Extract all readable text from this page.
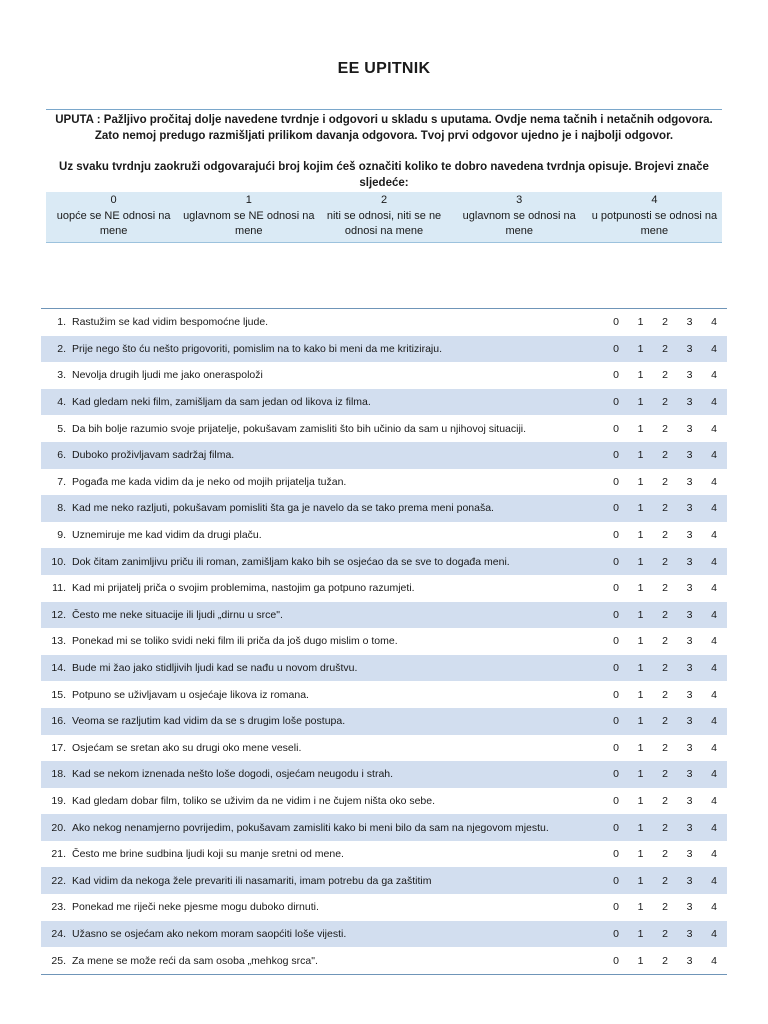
EE UPITNIK

UPUTA : Pažljivo pročitaj dolje navedene tvrdnje i odgovori u skladu s uputama. Ovdje nema tačnih i netačnih odgovora. Zato nemoj predugo razmišljati prilikom davanja odgovora. Tvoj prvi odgovor ujedno je i najbolji odgovor.

Uz svaku tvrdnju zaokruži odgovarajući broj kojim ćeš označiti koliko te dobro navedena tvrdnja opisuje. Brojevi znače sljedeće:

0
uopće se NE odnosi na mene
1
uglavnom se NE odnosi na mene
2
niti se odnosi, niti se ne odnosi na mene
3
uglavnom se odnosi na mene
4
u potpunosti se odnosi na mene
1. Rastužim se kad vidim bespomoćne ljude.	0	1	2	3	4
2. Prije nego što ću nešto prigovoriti, pomislim na to kako bi meni da me kritiziraju.	0	1	2	3	4
3. Nevolja drugih ljudi me jako oneraspoloži	0	1	2	3	4
4. Kad gledam neki film, zamišljam da sam jedan od likova iz filma.	0	1	2	3	4
5. Da bih bolje razumio svoje prijatelje, pokušavam zamisliti što bih učinio da sam u njihovoj situaciji.	0	1	2	3	4
6. Duboko proživljavam sadržaj filma.	0	1	2	3	4
7. Pogađa me kada vidim da je neko od mojih prijatelja tužan.	0	1	2	3	4
8. Kad me neko razljuti, pokušavam pomisliti šta ga je navelo da se tako prema meni ponaša.	0	1	2	3	4
9. Uznemiruje me kad vidim da drugi plaču.	0	1	2	3	4
10. Dok čitam zanimljivu priču ili roman, zamišljam kako bih se osjećao da se sve to događa meni.	0	1	2	3	4
11. Kad mi prijatelj priča o svojim problemima, nastojim ga potpuno razumjeti.	0	1	2	3	4
12. Često me neke situacije ili ljudi „dirnu u srce".	0	1	2	3	4
13. Ponekad mi se toliko svidi neki film ili priča da još dugo mislim o tome.	0	1	2	3	4
14. Bude mi žao jako stidljivih ljudi kad se nađu u novom društvu.	0	1	2	3	4
15. Potpuno se uživljavam u osjećaje likova iz romana.	0	1	2	3	4
16. Veoma se razljutim kad vidim da se s drugim loše postupa.	0	1	2	3	4
17. Osjećam se sretan ako su drugi oko mene veseli.	0	1	2	3	4
18. Kad se nekom iznenada nešto loše dogodi, osjećam neugodu i strah.	0	1	2	3	4
19. Kad gledam dobar film, toliko se uživim da ne vidim i ne čujem ništa oko sebe.	0	1	2	3	4
20. Ako nekog nenamjerno povrijedim, pokušavam zamisliti kako bi meni bilo da sam na njegovom mjestu.	0	1	2	3	4
21. Često me brine sudbina ljudi koji su manje sretni od mene.	0	1	2	3	4
22. Kad vidim da nekoga žele prevariti ili nasamariti, imam potrebu da ga zaštitim	0	1	2	3	4
23. Ponekad me riječi neke pjesme mogu duboko dirnuti.	0	1	2	3	4
24. Užasno se osjećam ako nekom moram saopćiti loše vijesti.	0	1	2	3	4
25. Za mene se može reći da sam osoba „mehkog srca".	0	1	2	3	4
